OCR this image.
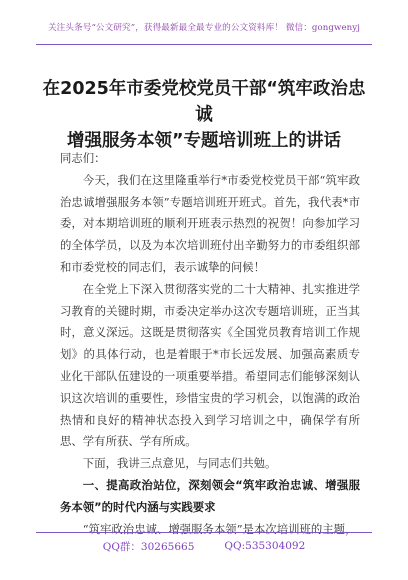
关注头条号“公文研究”，获得最新最全最专业的公文资料库！ 微信：gongwenyj
在2025年市委党校党员干部“筑牢政治忠诚
增强服务本领”专题培训班上的讲话

同志们：

今天，我们在这里隆重举行*市委党校党员干部“筑牢政治忠诚增强服务本领”专题培训班开班式。首先，我代表*市委，对本期培训班的顺利开班表示热烈的祝贺！向参加学习的全体学员，以及为本次培训班付出辛勤努力的市委组织部和市委党校的同志们，表示诚挚的问候！

在全党上下深入贯彻落实党的二十大精神、扎实推进学习教育的关键时期，市委决定举办这次专题培训班，正当其时，意义深远。这既是贯彻落实《全国党员教育培训工作规划》的具体行动，也是着眼于*市长远发展、加强高素质专业化干部队伍建设的一项重要举措。希望同志们能够深刻认识这次培训的重要性，珍惜宝贵的学习机会，以饱满的政治热情和良好的精神状态投入到学习培训之中，确保学有所思、学有所获、学有所成。

下面，我讲三点意见，与同志们共勉。

一、提高政治站位，深刻领会“筑牢政治忠诚、增强服务本领”的时代内涵与实践要求

“筑牢政治忠诚、增强服务本领”是本次培训班的主题，

QQ群：30265665	QQ:535304092
